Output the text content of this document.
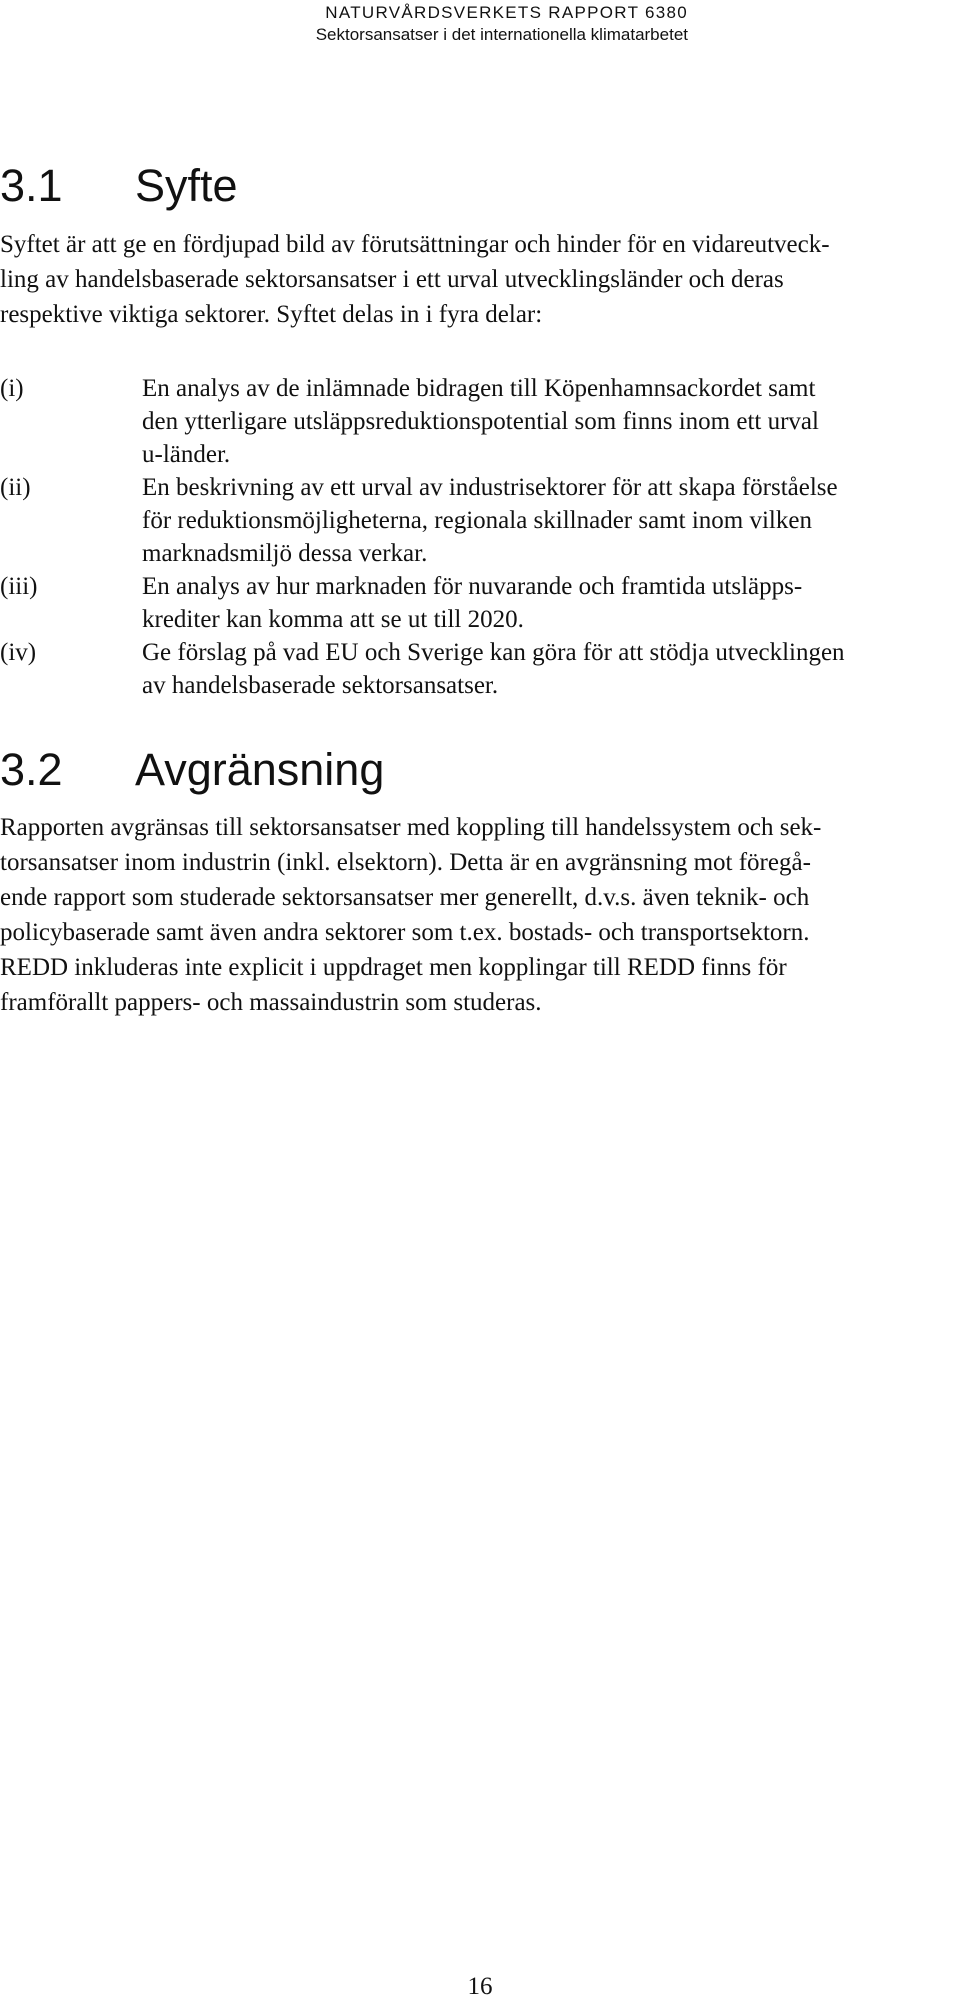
NATURVÅRDSVERKETS RAPPORT 6380
Sektorsansatser i det internationella klimatarbetet
3.1 Syfte
Syftet är att ge en fördjupad bild av förutsättningar och hinder för en vidareutveck-
ling av handelsbaserade sektorsansatser i ett urval utvecklingsländer och deras
respektive viktiga sektorer. Syftet delas in i fyra delar:
(i)	En analys av de inlämnade bidragen till Köpenhamnsackordet samt
den ytterligare utsläppsreduktionspotential som finns inom ett urval
u-länder.
(ii)	En beskrivning av ett urval av industrisektorer för att skapa förståelse
för reduktionsmöjligheterna, regionala skillnader samt inom vilken
marknadsmiljö dessa verkar.
(iii)	En analys av hur marknaden för nuvarande och framtida utsläpps-
krediter kan komma att se ut till 2020.
(iv)	Ge förslag på vad EU och Sverige kan göra för att stödja utvecklingen
av handelsbaserade sektorsansatser.
3.2 Avgränsning
Rapporten avgränsas till sektorsansatser med koppling till handelssystem och sek-
torsansatser inom industrin (inkl. elsektorn). Detta är en avgränsning mot föregå-
ende rapport som studerade sektorsansatser mer generellt, d.v.s. även teknik- och
policybaserade samt även andra sektorer som t.ex. bostads- och transportsektorn.
REDD inkluderas inte explicit i uppdraget men kopplingar till REDD finns för
framförallt pappers- och massaindustrin som studeras.
16
